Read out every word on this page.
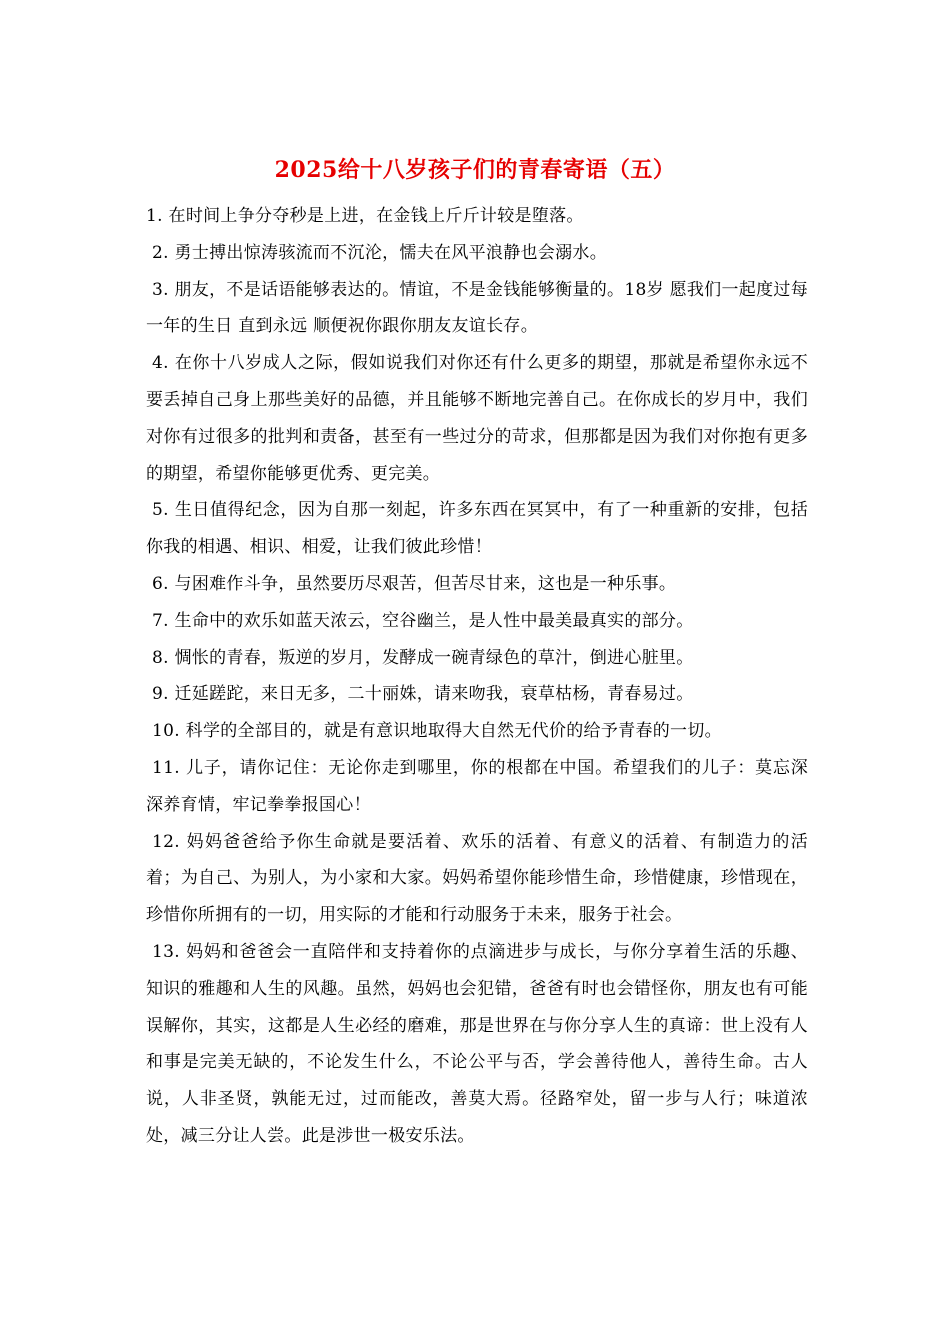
2025给十八岁孩子们的青春寄语（五）

1. 在时间上争分夺秒是上进，在金钱上斤斤计较是堕落。

2. 勇士搏出惊涛骇流而不沉沦，懦夫在风平浪静也会溺水。

3. 朋友，不是话语能够表达的。情谊，不是金钱能够衡量的。18岁 愿我们一起度过每一年的生日 直到永远 顺便祝你跟你朋友友谊长存。

4. 在你十八岁成人之际，假如说我们对你还有什么更多的期望，那就是希望你永远不要丢掉自己身上那些美好的品德，并且能够不断地完善自己。在你成长的岁月中，我们对你有过很多的批判和责备，甚至有一些过分的苛求，但那都是因为我们对你抱有更多的期望，希望你能够更优秀、更完美。

5. 生日值得纪念，因为自那一刻起，许多东西在冥冥中，有了一种重新的安排，包括你我的相遇、相识、相爱，让我们彼此珍惜！

6. 与困难作斗争，虽然要历尽艰苦，但苦尽甘来，这也是一种乐事。

7. 生命中的欢乐如蓝天浓云，空谷幽兰，是人性中最美最真实的部分。

8. 惆怅的青春，叛逆的岁月，发酵成一碗青绿色的草汁，倒进心脏里。

9. 迁延蹉跎，来日无多，二十丽姝，请来吻我，衰草枯杨，青春易过。

10. 科学的全部目的，就是有意识地取得大自然无代价的给予青春的一切。

11. 儿子，请你记住：无论你走到哪里，你的根都在中国。希望我们的儿子：莫忘深深养育情，牢记拳拳报国心！

12. 妈妈爸爸给予你生命就是要活着、欢乐的活着、有意义的活着、有制造力的活着；为自己、为别人，为小家和大家。妈妈希望你能珍惜生命，珍惜健康，珍惜现在，珍惜你所拥有的一切，用实际的才能和行动服务于未来，服务于社会。

13. 妈妈和爸爸会一直陪伴和支持着你的点滴进步与成长，与你分享着生活的乐趣、知识的雅趣和人生的风趣。虽然，妈妈也会犯错，爸爸有时也会错怪你，朋友也有可能误解你，其实，这都是人生必经的磨难，那是世界在与你分享人生的真谛：世上没有人和事是完美无缺的，不论发生什么，不论公平与否，学会善待他人，善待生命。古人说，人非圣贤，孰能无过，过而能改，善莫大焉。径路窄处，留一步与人行；味道浓处，减三分让人尝。此是涉世一极安乐法。
